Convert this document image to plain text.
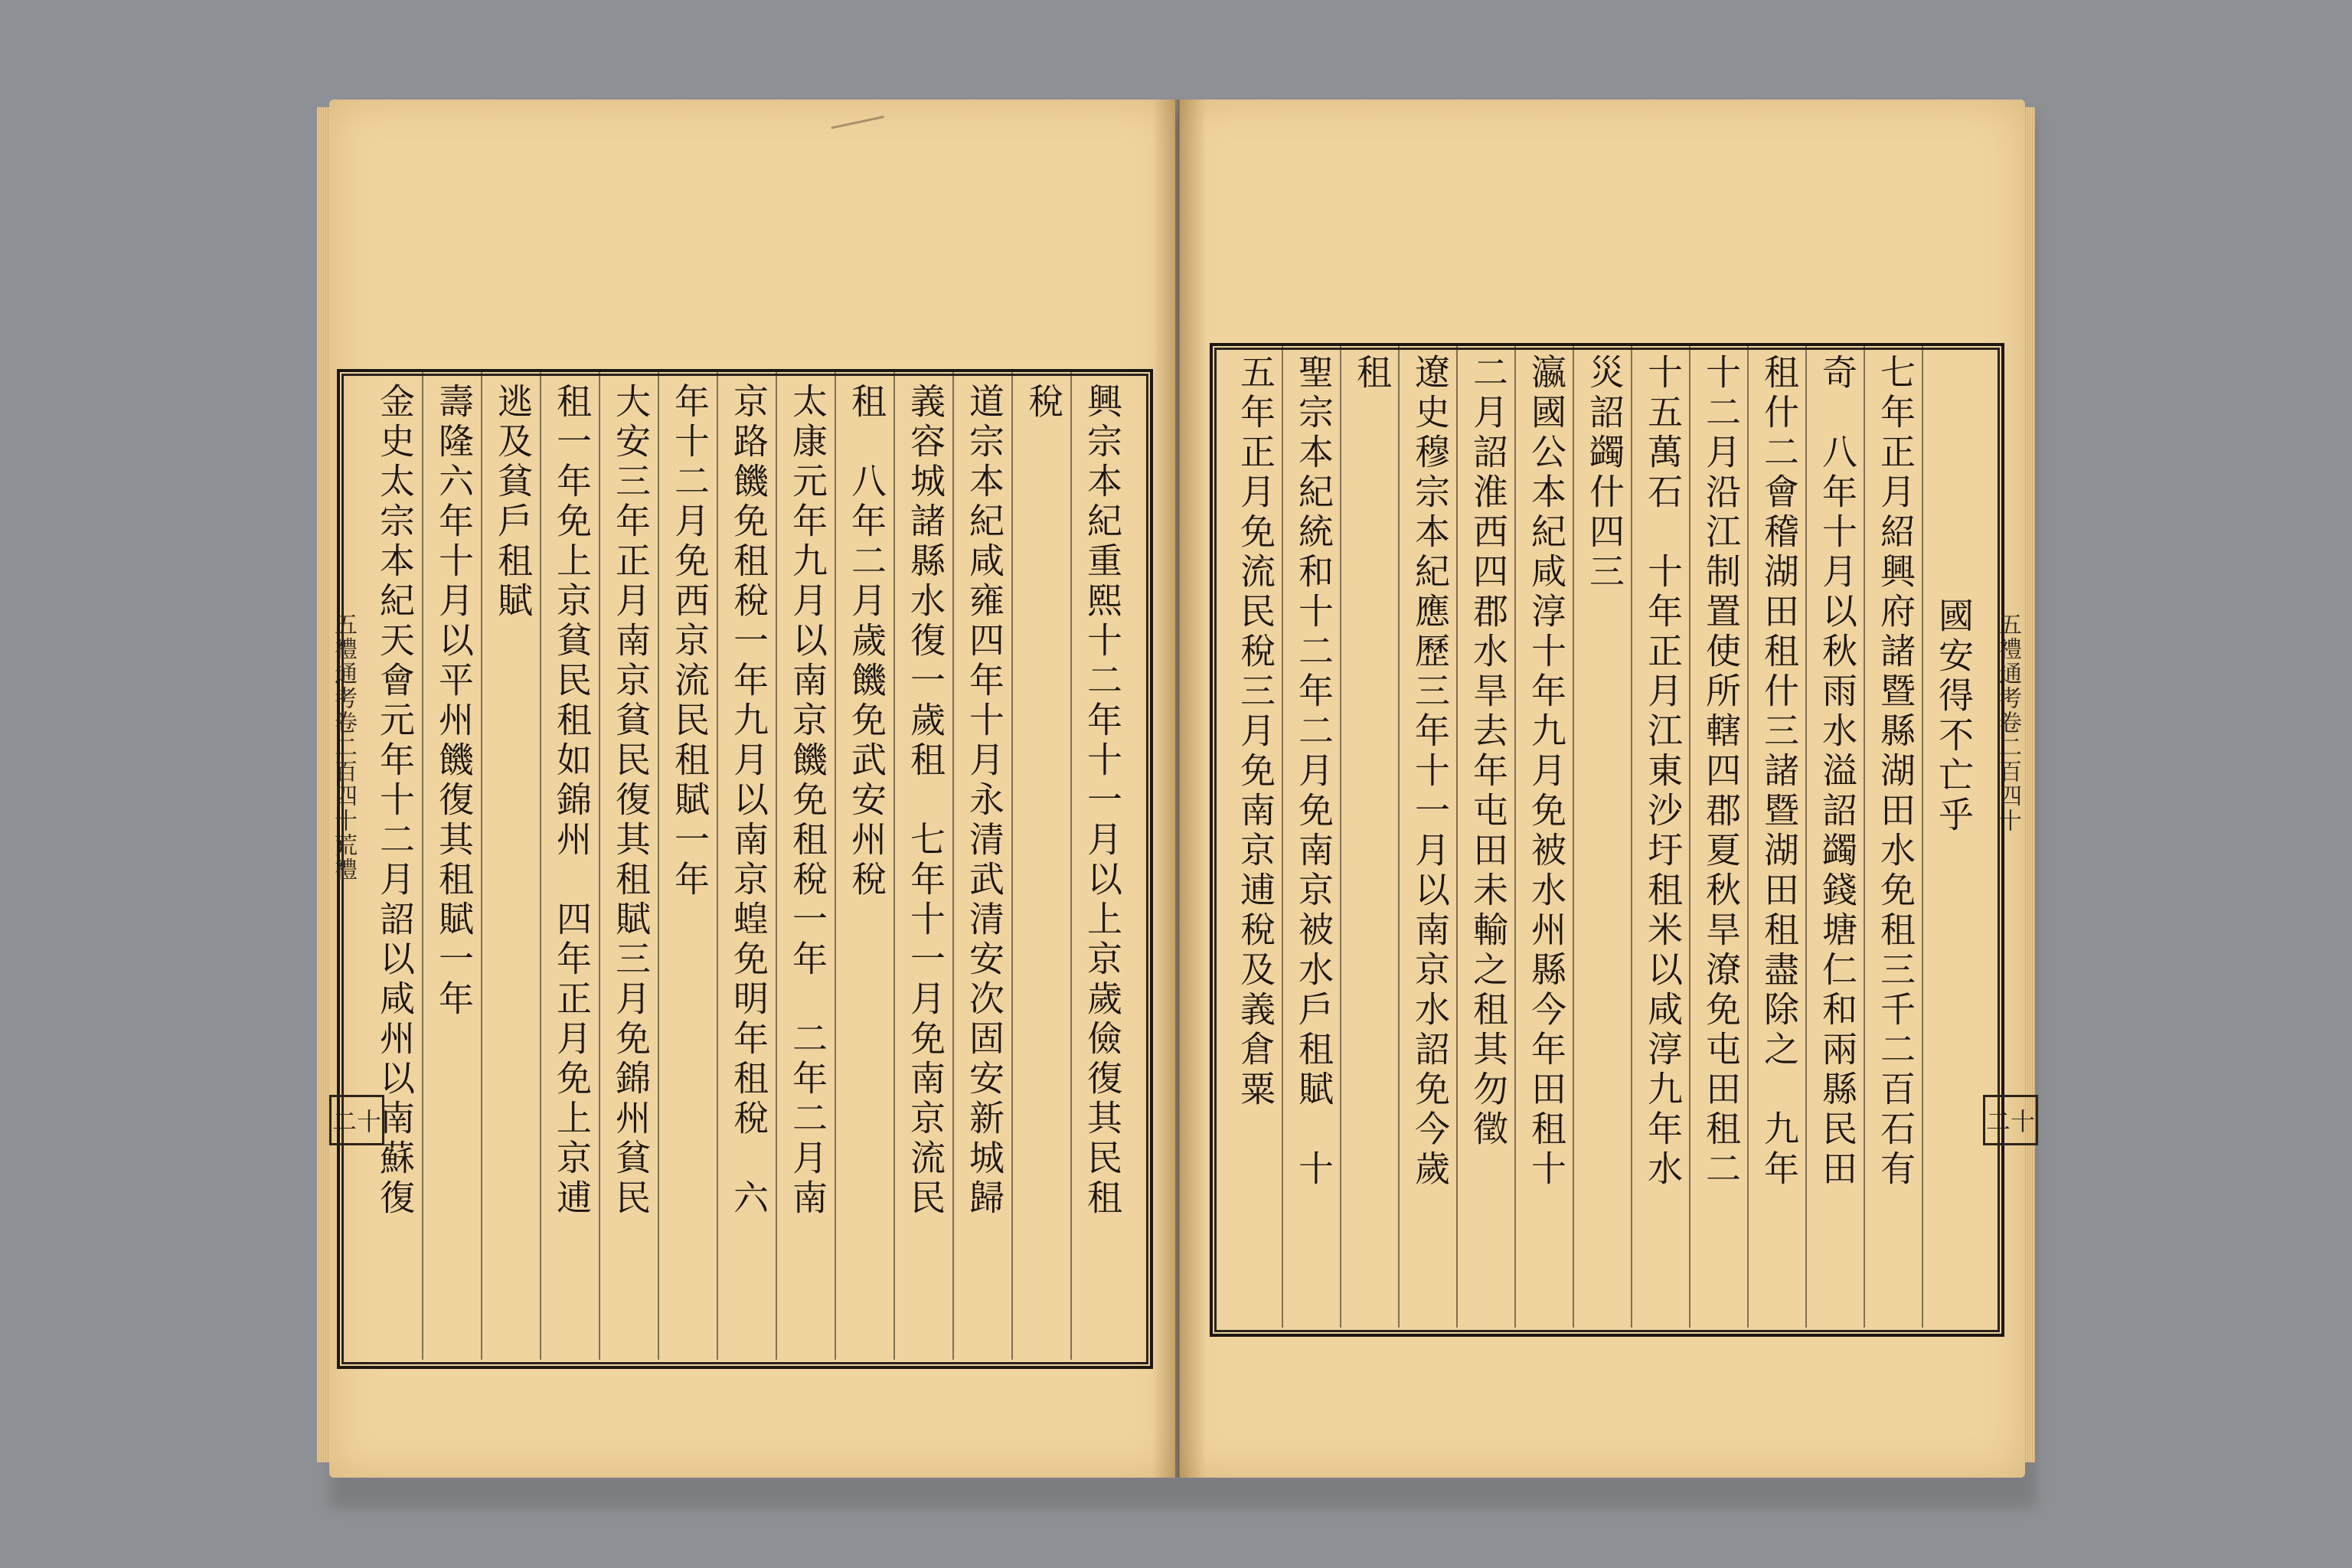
興宗本紀重熙十二年十一月以上京歲儉復其民租
稅
道宗本紀咸雍四年十月永清武清安次固安新城歸
義容城諸縣水復一歲租　七年十一月免南京流民
租　八年二月歲饑免武安州稅
太康元年九月以南京饑免租稅一年　二年二月南
京路饑免租稅一年九月以南京蝗免明年租稅　六
年十二月免西京流民租賦一年
大安三年正月南京貧民復其租賦三月免錦州貧民
租一年免上京貧民租如錦州　四年正月免上京逋
逃及貧戶租賦
壽隆六年十月以平州饑復其租賦一年
金史太宗本紀天會元年十二月詔以咸州以南蘇復
五禮通考卷二百四十荒禮
二十
國安得不亡乎
七年正月紹興府諸暨縣湖田水免租三千二百石有
奇　八年十月以秋雨水溢詔蠲錢塘仁和兩縣民田
租什二會稽湖田租什三諸暨湖田租盡除之　九年
十二月沿江制置使所轄四郡夏秋旱潦免屯田租二
十五萬石　十年正月江東沙圩租米以咸淳九年水
災詔蠲什四三
瀛國公本紀咸淳十年九月免被水州縣今年田租十
二月詔淮西四郡水旱去年屯田未輸之租其勿徵
遼史穆宗本紀應歷三年十一月以南京水詔免今歲
租
聖宗本紀統和十二年二月免南京被水戶租賦　十
五年正月免流民稅三月免南京逋稅及義倉粟	五禮通考卷二百四十
二十
